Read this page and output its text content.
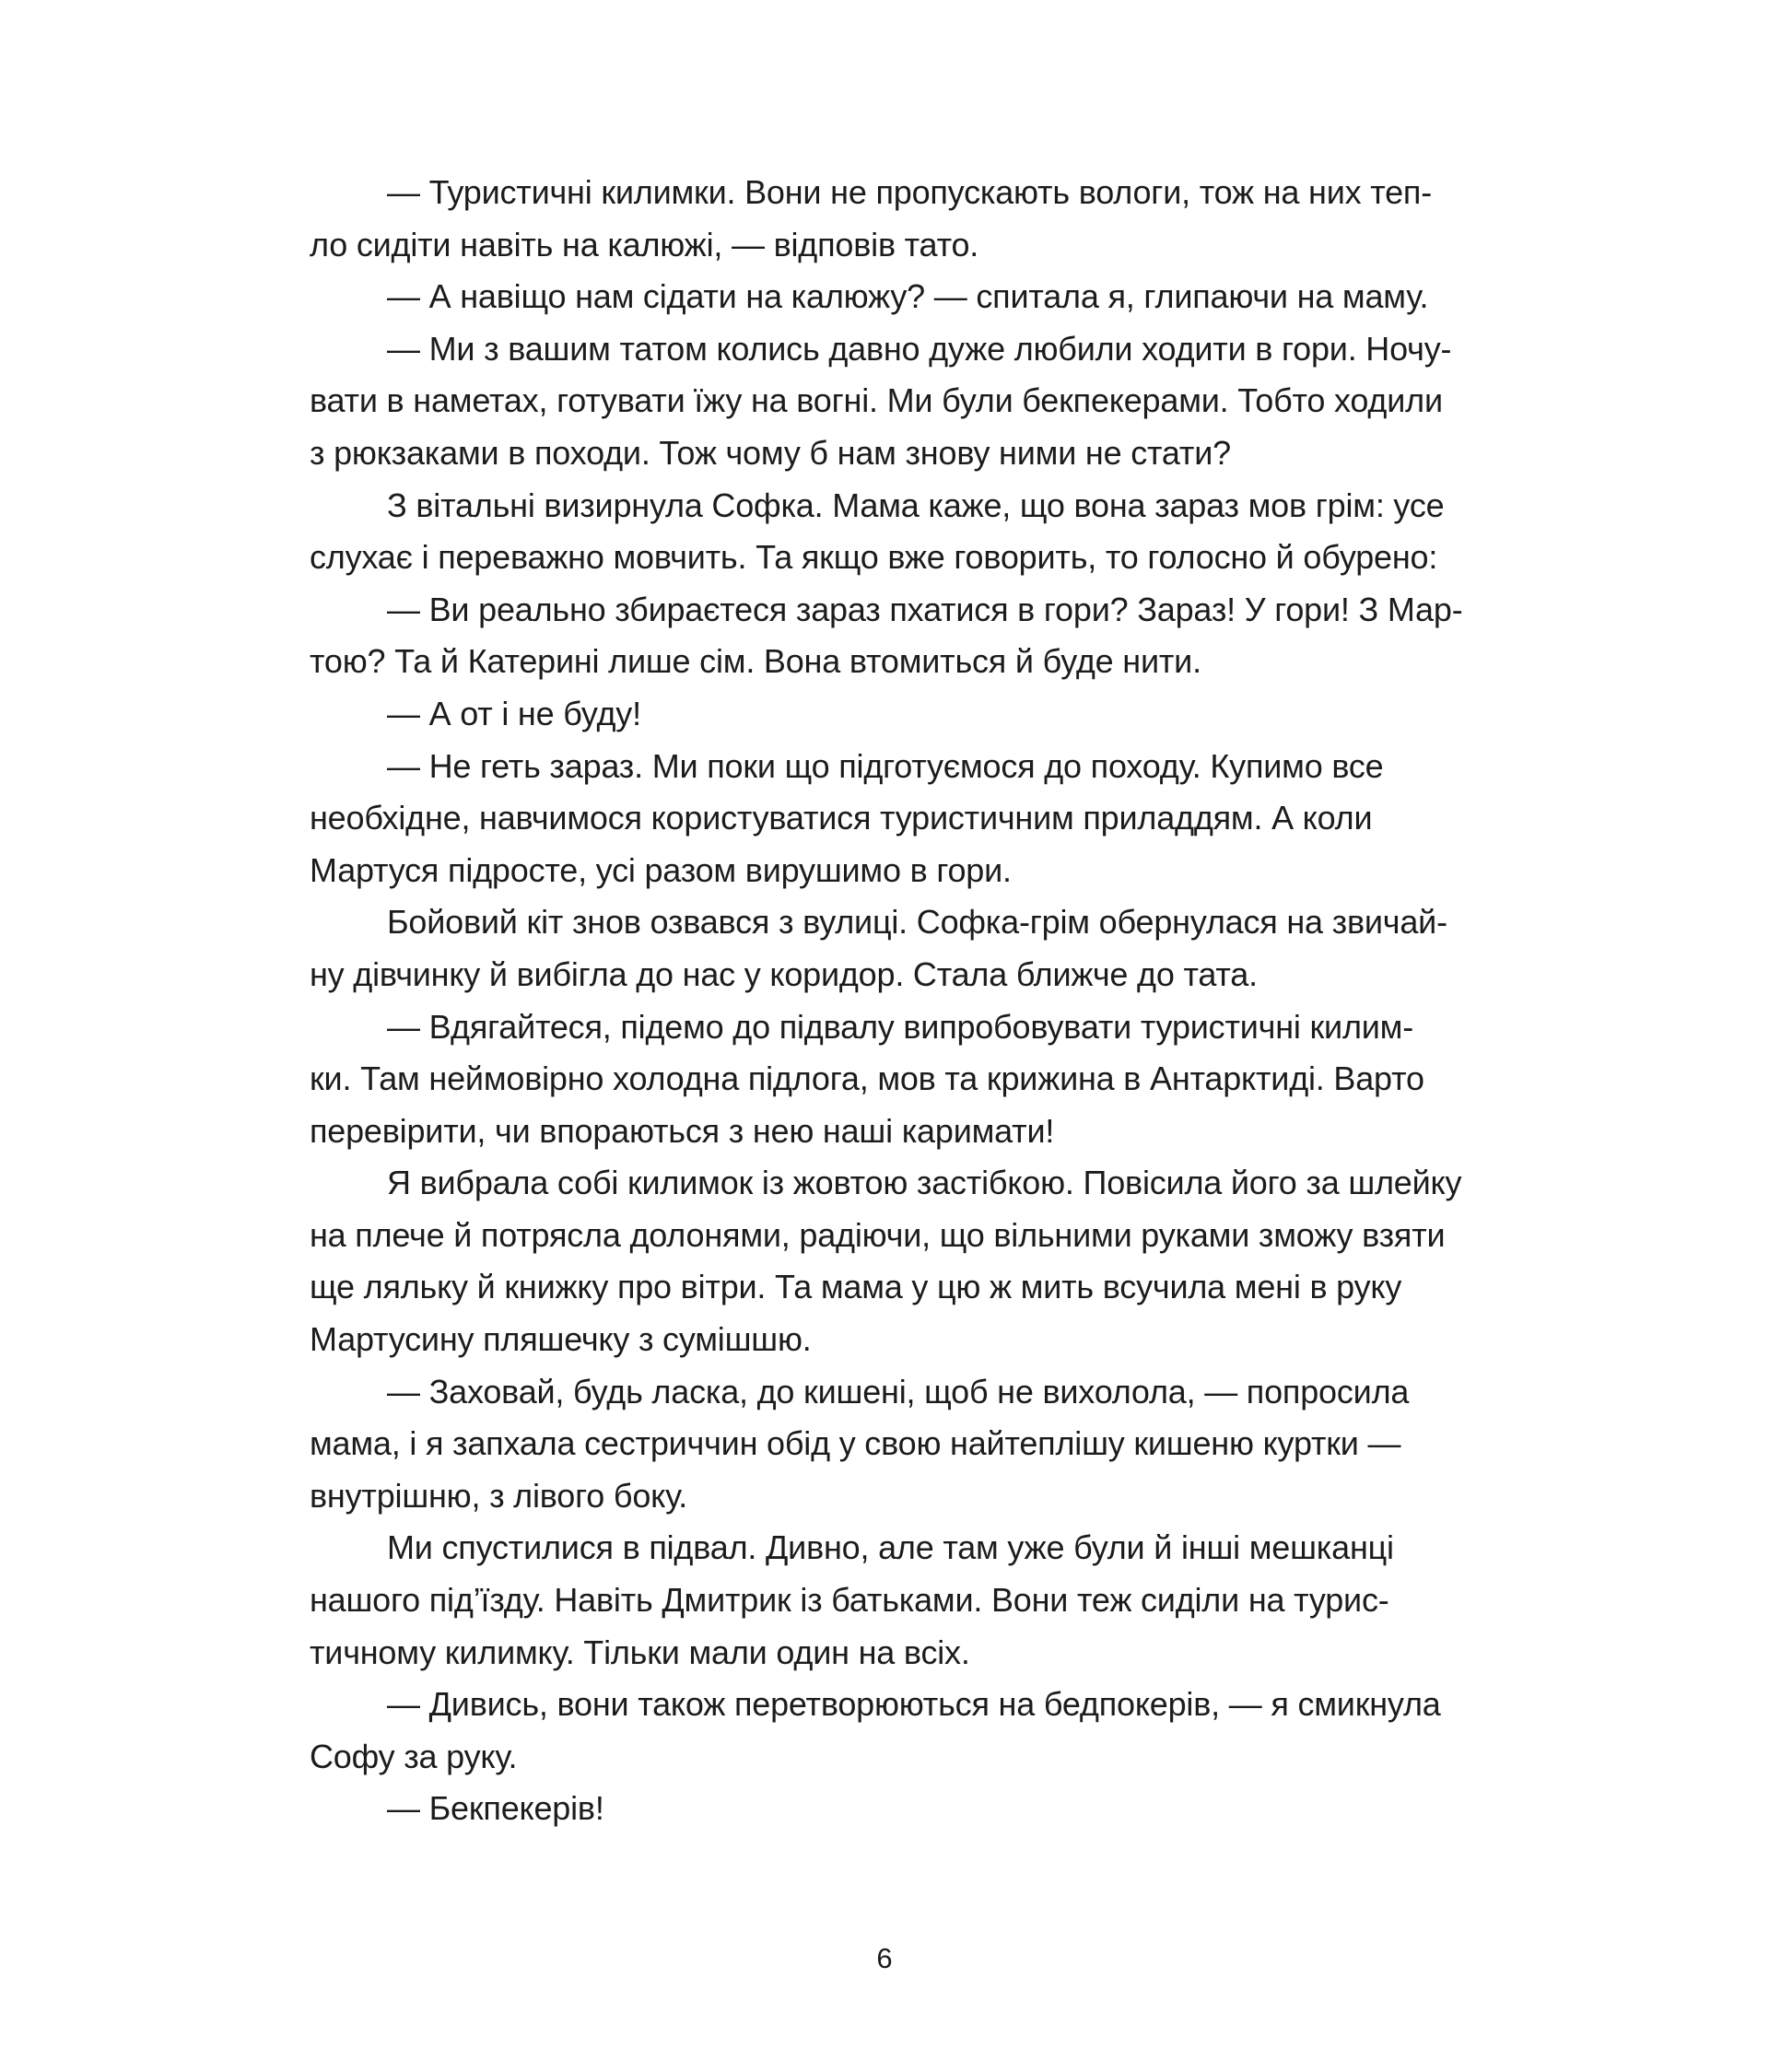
— Туристичні килимки. Вони не пропускають вологи, тож на них теп-
ло сидіти навіть на калюжі, — відповів тато.
— А навіщо нам сідати на калюжу? — спитала я, глипаючи на маму.
— Ми з вашим татом колись давно дуже любили ходити в гори. Ночу-
вати в наметах, готувати їжу на вогні. Ми були бекпекерами. Тобто ходили
з рюкзаками в походи. Тож чому б нам знову ними не стати?
З вітальні визирнула Софка. Мама каже, що вона зараз мов грім: усе
слухає і переважно мовчить. Та якщо вже говорить, то голосно й обурено:
— Ви реально збираєтеся зараз пхатися в гори? Зараз! У гори! З Мар-
тою? Та й Катерині лише сім. Вона втомиться й буде нити.
— А от і не буду!
— Не геть зараз. Ми поки що підготуємося до походу. Купимо все
необхідне, навчимося користуватися туристичним приладдям. А коли
Мартуся підросте, усі разом вирушимо в гори.
Бойовий кіт знов озвався з вулиці. Софка-грім обернулася на звичай-
ну дівчинку й вибігла до нас у коридор. Стала ближче до тата.
— Вдягайтеся, підемо до підвалу випробовувати туристичні килим-
ки. Там неймовірно холодна підлога, мов та крижина в Антарктиді. Варто
перевірити, чи впораються з нею наші каримати!
Я вибрала собі килимок із жовтою застібкою. Повісила його за шлейку
на плече й потрясла долонями, радіючи, що вільними руками зможу взяти
ще ляльку й книжку про вітри. Та мама у цю ж мить всучила мені в руку
Мартусину пляшечку з сумішшю.
— Заховай, будь ласка, до кишені, щоб не вихолола, — попросила
мама, і я запхала сестриччин обід у свою найтеплішу кишеню куртки —
внутрішню, з лівого боку.
Ми спустилися в підвал. Дивно, але там уже були й інші мешканці
нашого під’їзду. Навіть Дмитрик із батьками. Вони теж сиділи на турис-
тичному килимку. Тільки мали один на всіх.
— Дивись, вони також перетворюються на бедпокерів, — я смикнула
Софу за руку.
— Бекпекерів!
6
